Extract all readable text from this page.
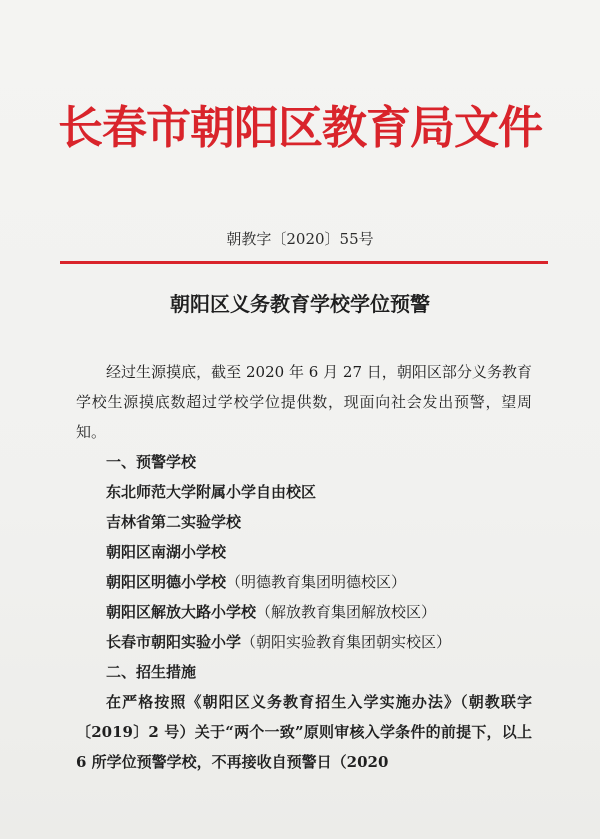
长春市朝阳区教育局文件
朝教字〔2020〕55号
朝阳区义务教育学校学位预警

经过生源摸底，截至 2020 年 6 月 27 日，朝阳区部分义务教育学校生源摸底数超过学校学位提供数，现面向社会发出预警，望周知。

一、预警学校
东北师范大学附属小学自由校区
吉林省第二实验学校
朝阳区南湖小学校
朝阳区明德小学校（明德教育集团明德校区）
朝阳区解放大路小学校（解放教育集团解放校区）
长春市朝阳实验小学（朝阳实验教育集团朝实校区）
二、招生措施

在严格按照《朝阳区义务教育招生入学实施办法》（朝教联字〔2019〕2 号）关于“两个一致”原则审核入学条件的前提下，以上 6 所学位预警学校，不再接收自预警日（2020
